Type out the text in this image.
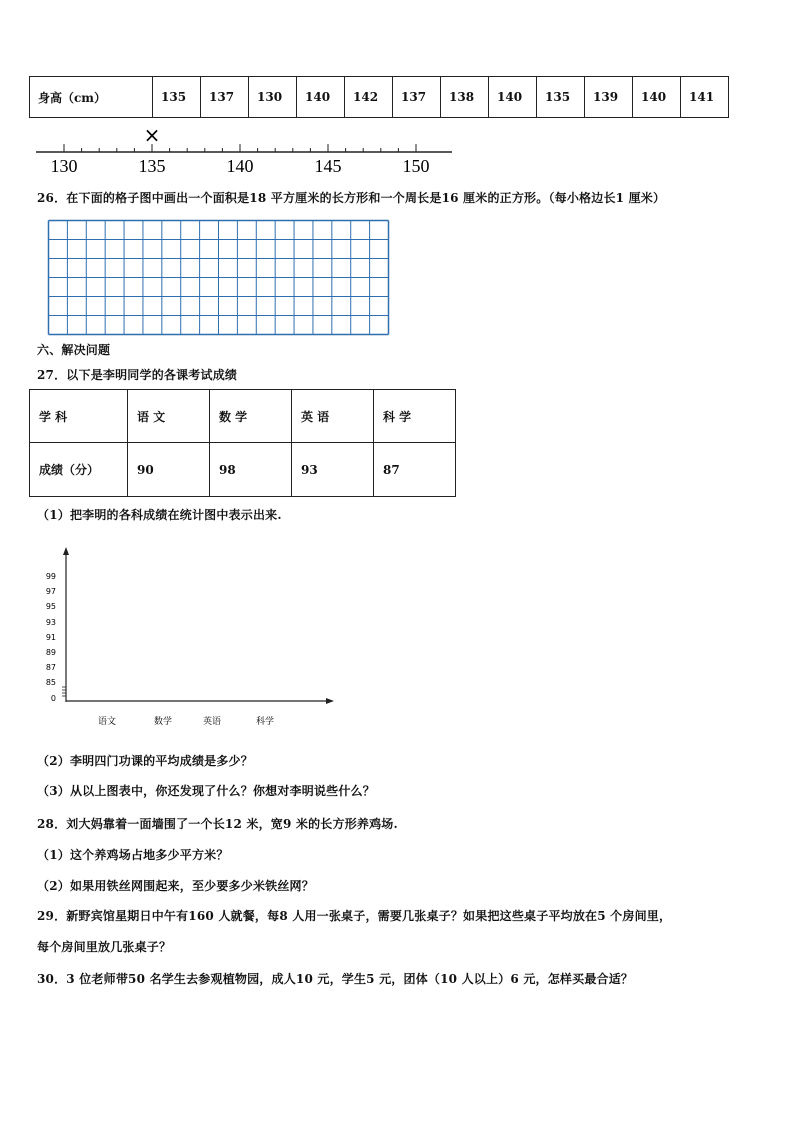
身高（cm）	135	137	130	140	142	137	138	140	135	139	140	141
×
130	135	140	145	150
26．在下面的格子图中画出一个面积是18 平方厘米的长方形和一个周长是16 厘米的正方形。（每小格边长1 厘米）
六、解决问题
27．以下是李明同学的各课考试成绩
学 科	语 文	数 学	英 语	科 学
成绩（分）	90	98	93	87
（1）把李明的各科成绩在统计图中表示出来.
99
97
95
93
91
89
87
85
0
语文	数学	英语	科学
（2）李明四门功课的平均成绩是多少？
（3）从以上图表中，你还发现了什么？你想对李明说些什么？
28．刘大妈靠着一面墙围了一个长12 米，宽9 米的长方形养鸡场.
（1）这个养鸡场占地多少平方米？
（2）如果用铁丝网围起来，至少要多少米铁丝网？
29．新野宾馆星期日中午有160 人就餐，每8 人用一张桌子，需要几张桌子？如果把这些桌子平均放在5 个房间里，
每个房间里放几张桌子？
30．3 位老师带50 名学生去参观植物园，成人10 元，学生5 元，团体（10 人以上）6 元，怎样买最合适？
